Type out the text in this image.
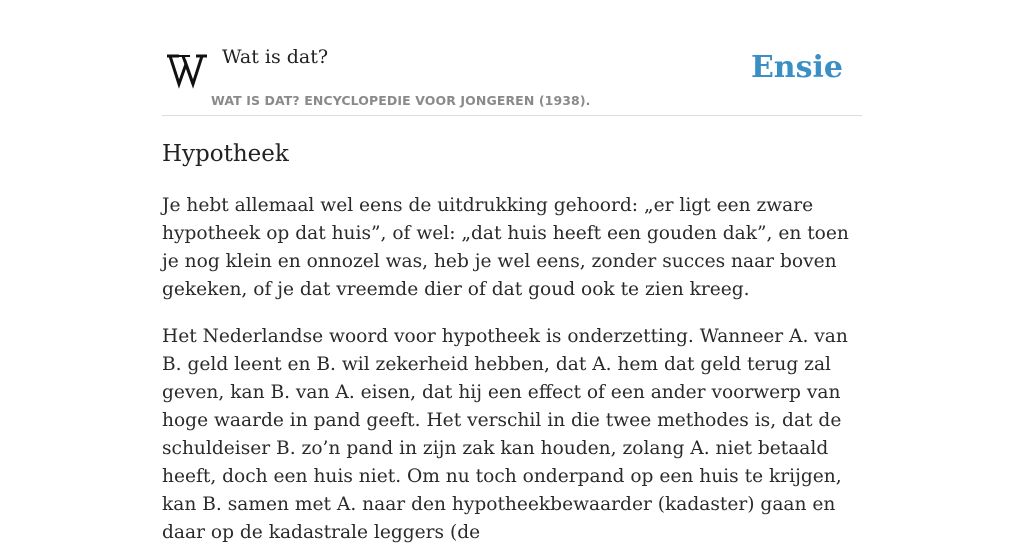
Wat is dat?
WAT IS DAT? ENCYCLOPEDIE VOOR JONGEREN (1938).
Ensie
Hypotheek

Je hebt allemaal wel eens de uitdrukking gehoord: „er ligt een zware hypotheek op dat huis”, of wel: „dat huis heeft een gouden dak”, en toen je nog klein en onnozel was, heb je wel eens, zonder succes naar boven gekeken, of je dat vreemde dier of dat goud ook te zien kreeg.

Het Nederlandse woord voor hypotheek is onderzetting. Wanneer A. van B. geld leent en B. wil zekerheid hebben, dat A. hem dat geld terug zal geven, kan B. van A. eisen, dat hij een effect of een ander voorwerp van hoge waarde in pand geeft. Het verschil in die twee methodes is, dat de schuldeiser B. zo’n pand in zijn zak kan houden, zolang A. niet betaald heeft, doch een huis niet. Om nu toch onderpand op een huis te krijgen, kan B. samen met A. naar den hypotheekbewaarder (kadaster) gaan en daar op de kadastrale leggers (de
